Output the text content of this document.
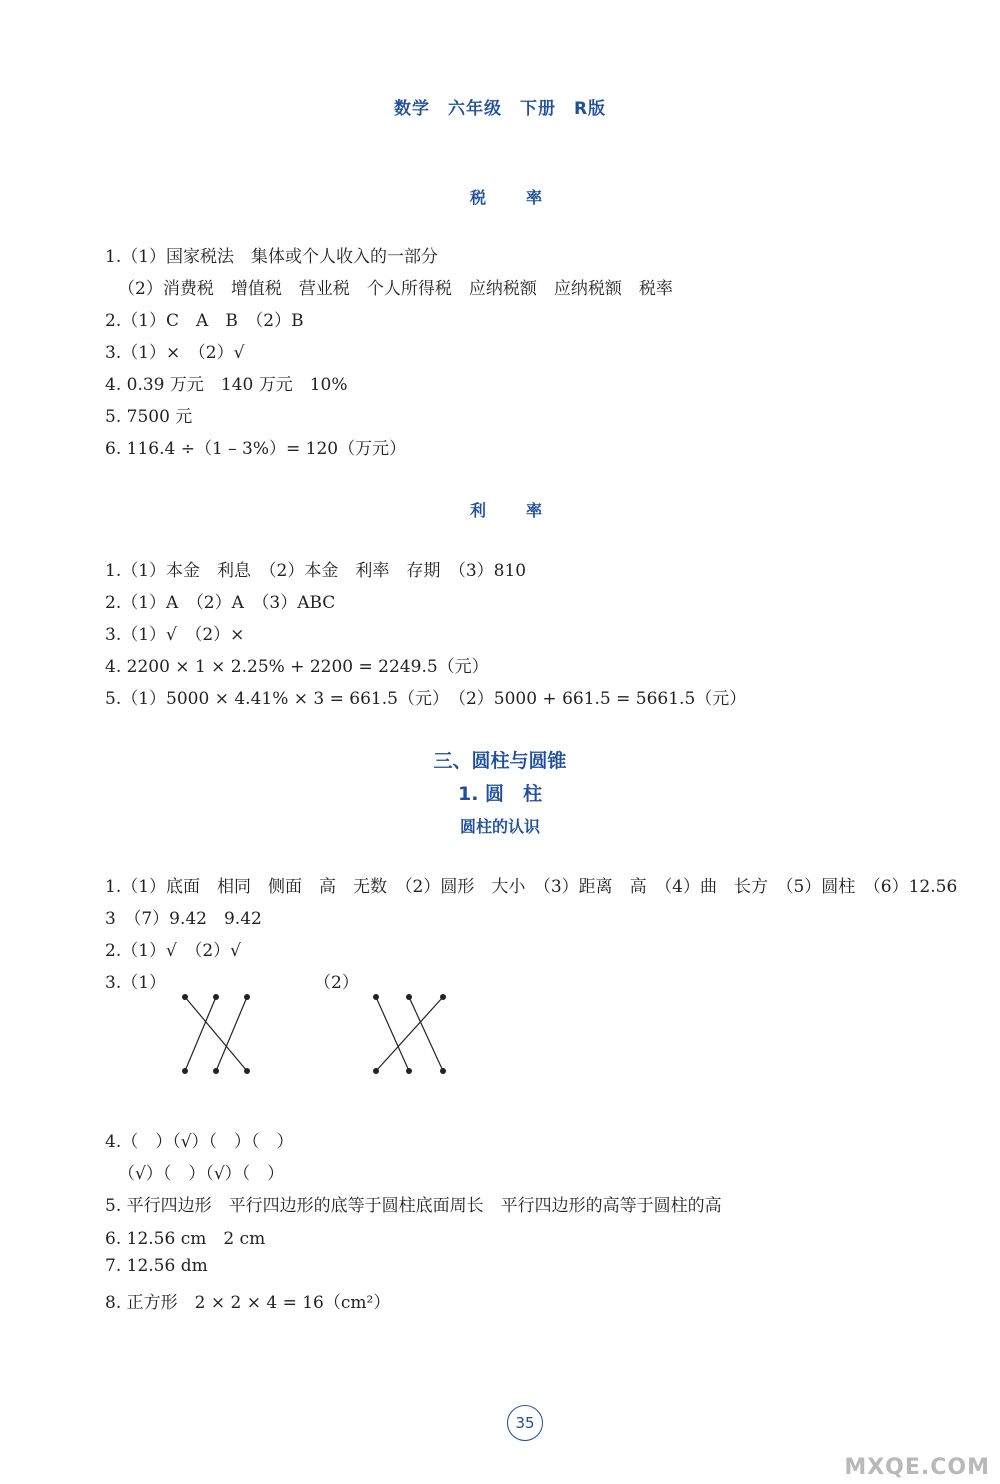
数学　六年级　下册　R版
税　率
1.（1）国家税法　集体或个人收入的一部分
（2）消费税　增值税　营业税　个人所得税　应纳税额　应纳税额　税率
2.（1）C　A　B　（2）B
3.（1）×　（2）√
4. 0.39 万元　140 万元　10%
5. 7500 元
6. 116.4 ÷（1 – 3%）= 120（万元）
利　率
1.（1）本金　利息　（2）本金　利率　存期　（3）810
2.（1）A　（2）A　（3）ABC
3.（1）√　（2）×
4. 2200 × 1 × 2.25% + 2200 = 2249.5（元）
5.（1）5000 × 4.41% × 3 = 661.5（元）　（2）5000 + 661.5 = 5661.5（元）
三、圆柱与圆锥
1. 圆　柱
圆柱的认识
1.（1）底面　相同　侧面　高　无数　（2）圆形　大小　（3）距离　高　（4）曲　长方　（5）圆柱　（6）12.56
3　（7）9.42　9.42
2.（1）√　（2）√
3.（1）	（2）
4.（　）（√）（　）（　）
（√）（　）（√）（　）
5. 平行四边形　平行四边形的底等于圆柱底面周长　平行四边形的高等于圆柱的高
6. 12.56 cm　2 cm
7. 12.56 dm
8. 正方形　2 × 2 × 4 = 16（cm²）
35
MXQE.COM
